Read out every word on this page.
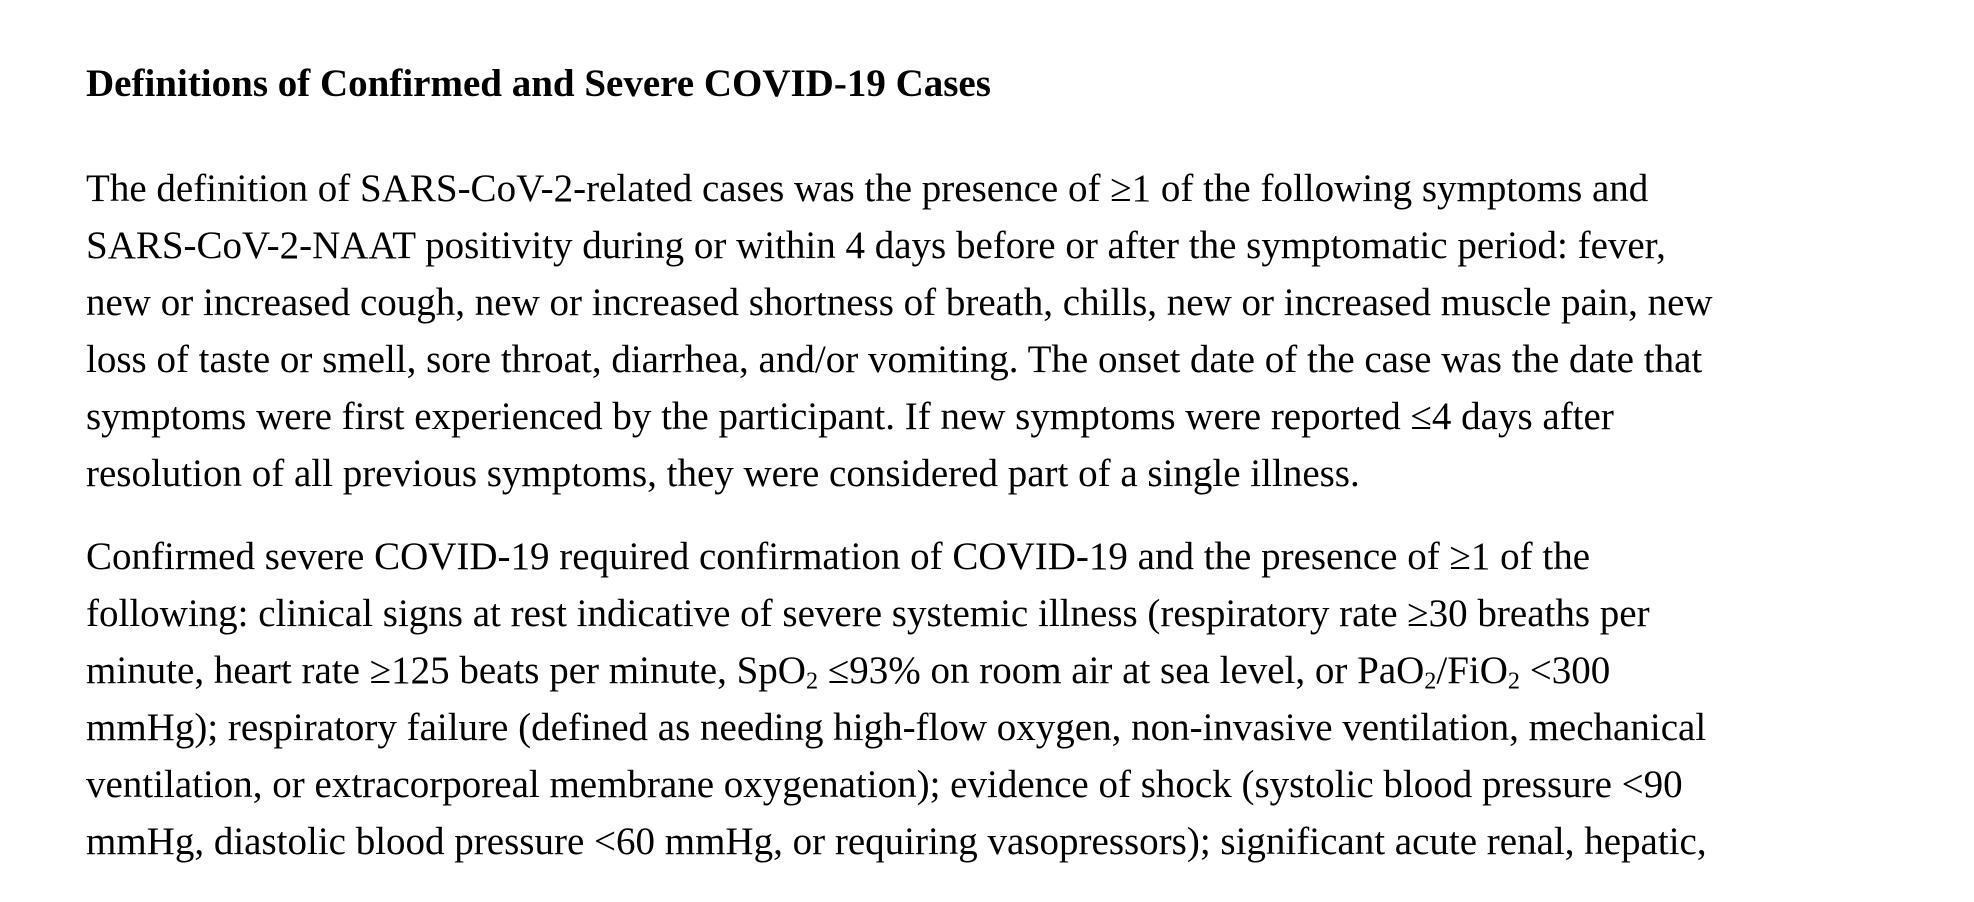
Definitions of Confirmed and Severe COVID-19 Cases

The definition of SARS-CoV-2-related cases was the presence of ≥1 of the following symptoms and
SARS-CoV-2-NAAT positivity during or within 4 days before or after the symptomatic period: fever,
new or increased cough, new or increased shortness of breath, chills, new or increased muscle pain, new
loss of taste or smell, sore throat, diarrhea, and/or vomiting. The onset date of the case was the date that
symptoms were first experienced by the participant. If new symptoms were reported ≤4 days after
resolution of all previous symptoms, they were considered part of a single illness.

Confirmed severe COVID-19 required confirmation of COVID-19 and the presence of ≥1 of the
following: clinical signs at rest indicative of severe systemic illness (respiratory rate ≥30 breaths per
minute, heart rate ≥125 beats per minute, SpO$_2$ ≤93% on room air at sea level, or PaO$_2$/FiO$_2$ <300
mmHg); respiratory failure (defined as needing high-flow oxygen, non-invasive ventilation, mechanical
ventilation, or extracorporeal membrane oxygenation); evidence of shock (systolic blood pressure <90
mmHg, diastolic blood pressure <60 mmHg, or requiring vasopressors); significant acute renal, hepatic,
